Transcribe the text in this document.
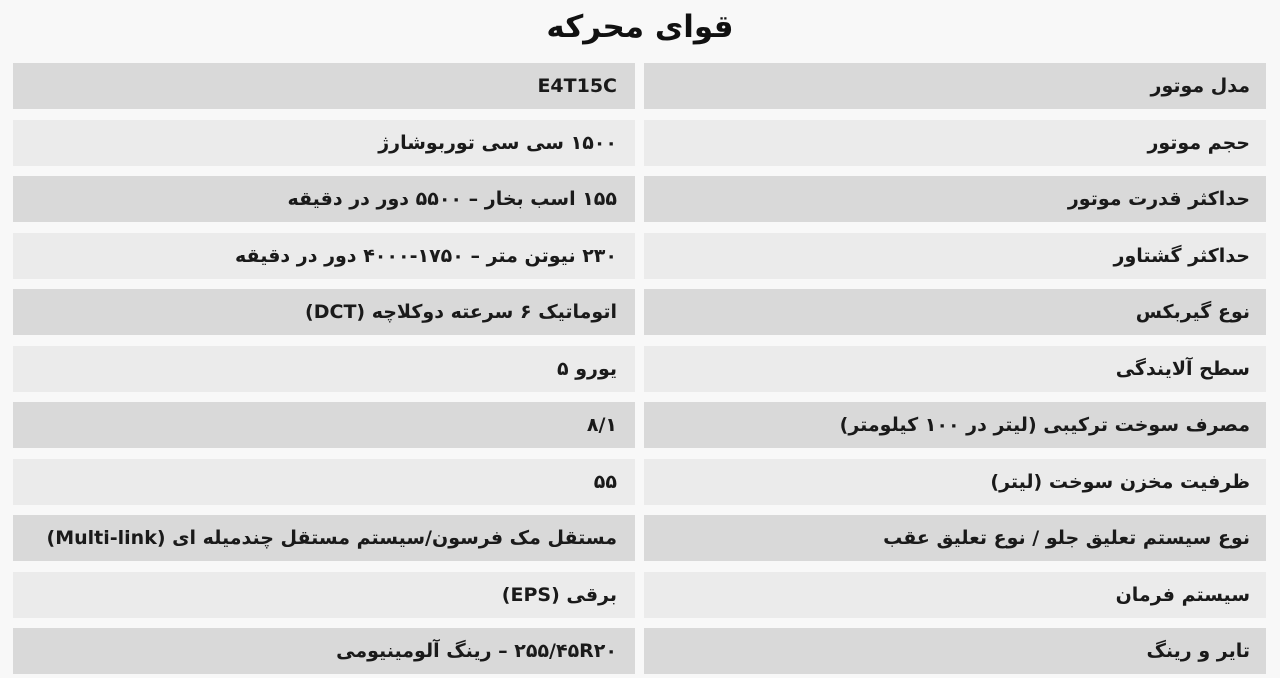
قوای محرکه
مدل موتور
E4T15C
حجم موتور
۱۵۰۰ سی سی توربوشارژ
حداکثر قدرت موتور
۱۵۵ اسب بخار – ۵۵۰۰ دور در دقیقه
حداکثر گشتاور
۲۳۰ نیوتن متر – ۱۷۵۰-۴۰۰۰ دور در دقیقه
نوع گیربکس
اتوماتیک ۶ سرعته دوکلاچه (DCT)
سطح آلایندگی
یورو ۵
مصرف سوخت ترکیبی (لیتر در ۱۰۰ کیلومتر)
۸/۱
ظرفیت مخزن سوخت (لیتر)
۵۵
نوع سیستم تعلیق جلو / نوع تعلیق عقب
مستقل مک فرسون/سیستم مستقل چندمیله ای (Multi-link)
سیستم فرمان
برقی (EPS)
تایر و رینگ
۲۵۵/۴۵R۲۰ – رینگ آلومینیومی
